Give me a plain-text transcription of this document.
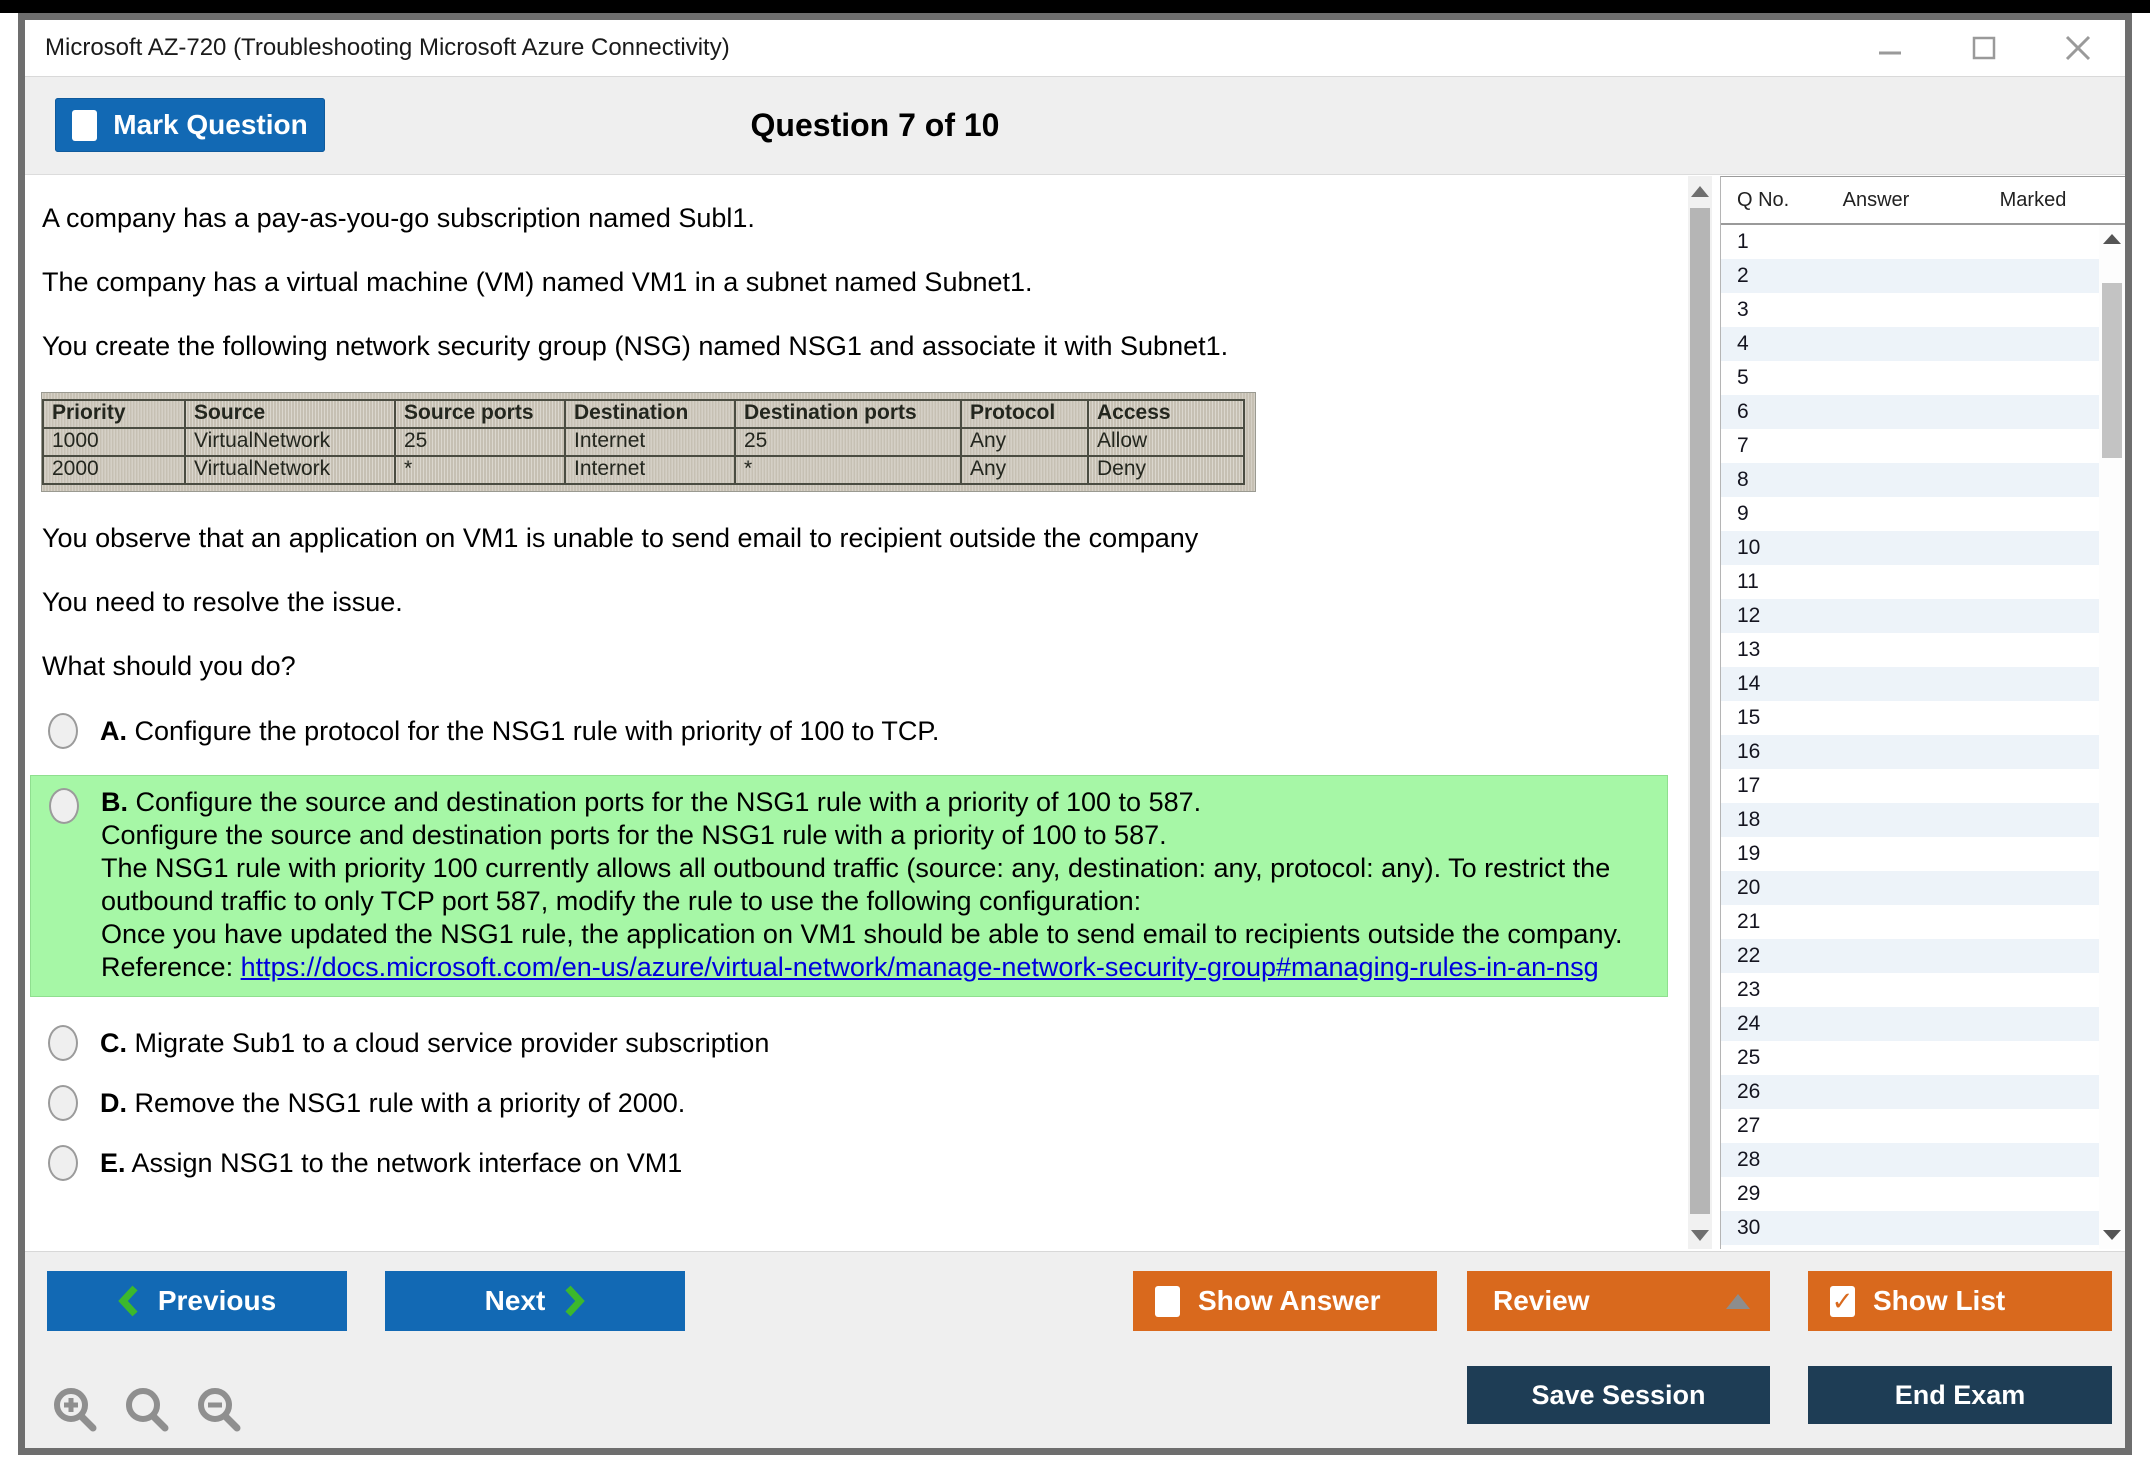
Microsoft AZ-720 (Troubleshooting Microsoft Azure Connectivity)
Mark Question	Question 7 of 10

A company has a pay-as-you-go subscription named Subl1.

The company has a virtual machine (VM) named VM1 in a subnet named Subnet1.

You create the following network security group (NSG) named NSG1 and associate it with Subnet1.

Priority	Source	Source ports	Destination	Destination ports	Protocol	Access
1000	VirtualNetwork	25	Internet	25	Any	Allow
2000	VirtualNetwork	*	Internet	*	Any	Deny

You observe that an application on VM1 is unable to send email to recipient outside the company

You need to resolve the issue.

What should you do?

A. Configure the protocol for the NSG1 rule with priority of 100 to TCP.
B. Configure the source and destination ports for the NSG1 rule with a priority of 100 to 587.
Configure the source and destination ports for the NSG1 rule with a priority of 100 to 587.
The NSG1 rule with priority 100 currently allows all outbound traffic (source: any, destination: any, protocol: any). To restrict the outbound traffic to only TCP port 587, modify the rule to use the following configuration:
Once you have updated the NSG1 rule, the application on VM1 should be able to send email to recipients outside the company.
Reference: https://docs.microsoft.com/en-us/azure/virtual-network/manage-network-security-group#managing-rules-in-an-nsg
C. Migrate Sub1 to a cloud service provider subscription
D. Remove the NSG1 rule with a priority of 2000.
E. Assign NSG1 to the network interface on VM1
Q No.	Answer	Marked
1
2
3
4
5
6
7
8
9
10
11
12
13
14
15
16
17
18
19
20
21
22
23
24
25
26
27
28
29
30
Previous	Next	Show Answer	Review	✓ Show List
Save Session	End Exam
